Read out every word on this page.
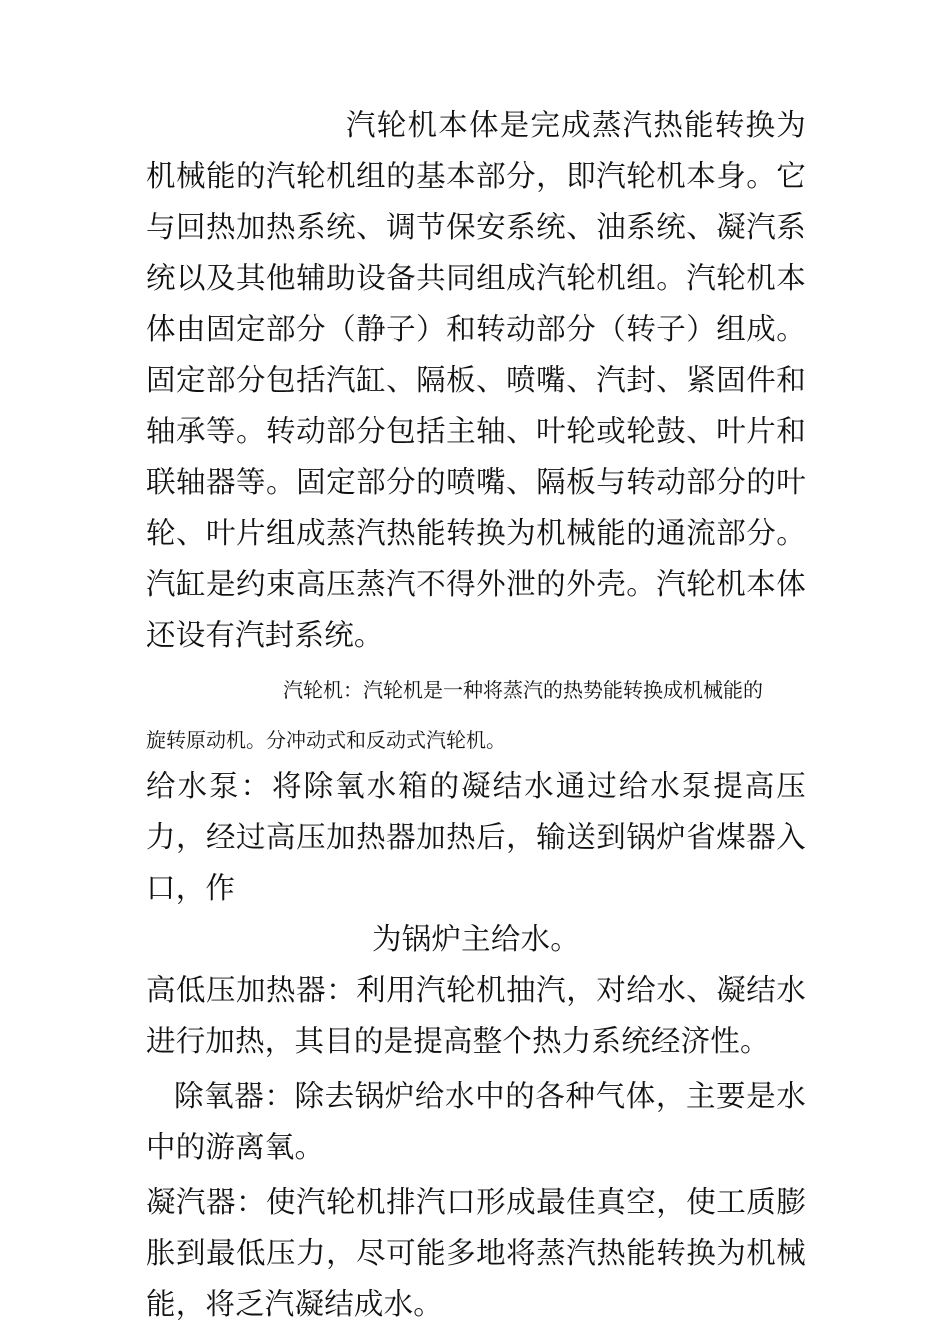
汽轮机本体是完成蒸汽热能转换为机械能的汽轮机组的基本部分，即汽轮机本身。它与回热加热系统、调节保安系统、油系统、凝汽系统以及其他辅助设备共同组成汽轮机组。汽轮机本体由固定部分（静子）和转动部分（转子）组成。固定部分包括汽缸、隔板、喷嘴、汽封、紧固件和轴承等。转动部分包括主轴、叶轮或轮鼓、叶片和联轴器等。固定部分的喷嘴、隔板与转动部分的叶轮、叶片组成蒸汽热能转换为机械能的通流部分。汽缸是约束高压蒸汽不得外泄的外壳。汽轮机本体还设有汽封系统。

汽轮机：汽轮机是一种将蒸汽的热势能转换成机械能的

旋转原动机。分冲动式和反动式汽轮机。

给水泵：将除氧水箱的凝结水通过给水泵提高压力，经过高压加热器加热后，输送到锅炉省煤器入口，作

为锅炉主给水。

高低压加热器：利用汽轮机抽汽，对给水、凝结水进行加热，其目的是提高整个热力系统经济性。

除氧器：除去锅炉给水中的各种气体，主要是水中的游离氧。

凝汽器：使汽轮机排汽口形成最佳真空，使工质膨胀到最低压力，尽可能多地将蒸汽热能转换为机械能，将乏汽凝结成水。
